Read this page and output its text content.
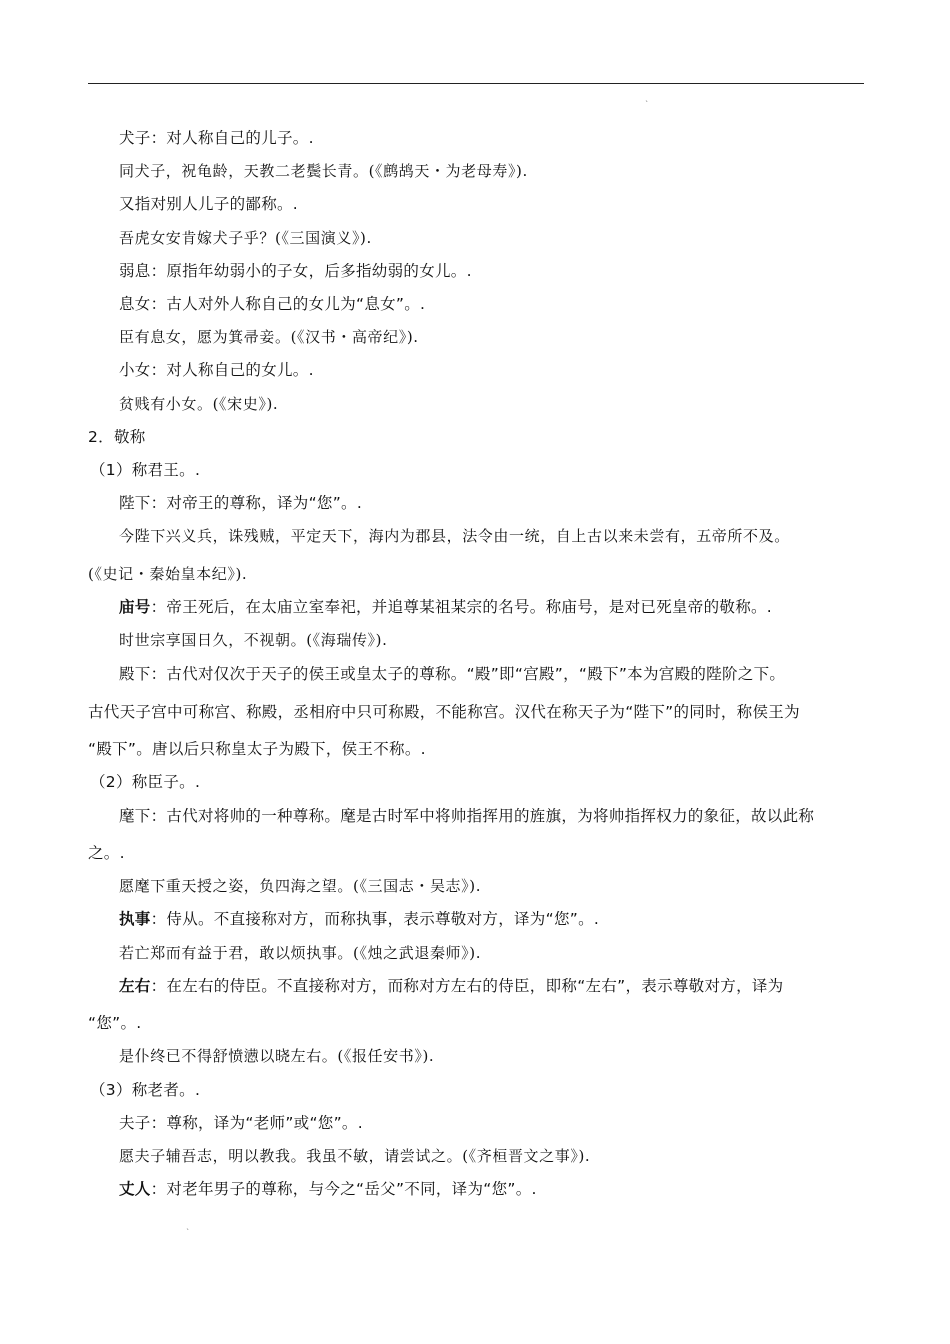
ˎ
犬子：对人称自己的儿子。.
同犬子，祝龟龄，天教二老鬓长青。(《鹧鸪天・为老母寿》).
又指对别人儿子的鄙称。.
吾虎女安肯嫁犬子乎？(《三国演义》).
弱息：原指年幼弱小的子女，后多指幼弱的女儿。.
息女：古人对外人称自己的女儿为“息女”。.
臣有息女，愿为箕帚妾。(《汉书・高帝纪》).
小女：对人称自己的女儿。.
贫贱有小女。(《宋史》).
2．敬称
（1）称君王。.
陛下：对帝王的尊称，译为“您”。.
今陛下兴义兵，诛残贼，平定天下，海内为郡县，法令由一统，自上古以来未尝有，五帝所不及。
(《史记・秦始皇本纪》).
庙号：帝王死后，在太庙立室奉祀，并追尊某祖某宗的名号。称庙号，是对已死皇帝的敬称。.
时世宗享国日久，不视朝。(《海瑞传》).
殿下：古代对仅次于天子的侯王或皇太子的尊称。“殿”即“宫殿”，“殿下”本为宫殿的陛阶之下。
古代天子宫中可称宫、称殿，丞相府中只可称殿，不能称宫。汉代在称天子为“陛下”的同时，称侯王为
“殿下”。唐以后只称皇太子为殿下，侯王不称。.
（2）称臣子。.
麾下：古代对将帅的一种尊称。麾是古时军中将帅指挥用的旌旗，为将帅指挥权力的象征，故以此称
之。.
愿麾下重天授之姿，负四海之望。(《三国志・吴志》).
执事：侍从。不直接称对方，而称执事，表示尊敬对方，译为“您”。.
若亡郑而有益于君，敢以烦执事。(《烛之武退秦师》).
左右：在左右的侍臣。不直接称对方，而称对方左右的侍臣，即称“左右”，表示尊敬对方，译为
“您”。.
是仆终已不得舒愤懑以晓左右。(《报任安书》).
（3）称老者。.
夫子：尊称，译为“老师”或“您”。.
愿夫子辅吾志，明以教我。我虽不敏，请尝试之。(《齐桓晋文之事》).
丈人：对老年男子的尊称，与今之“岳父”不同，译为“您”。.
ˎ
